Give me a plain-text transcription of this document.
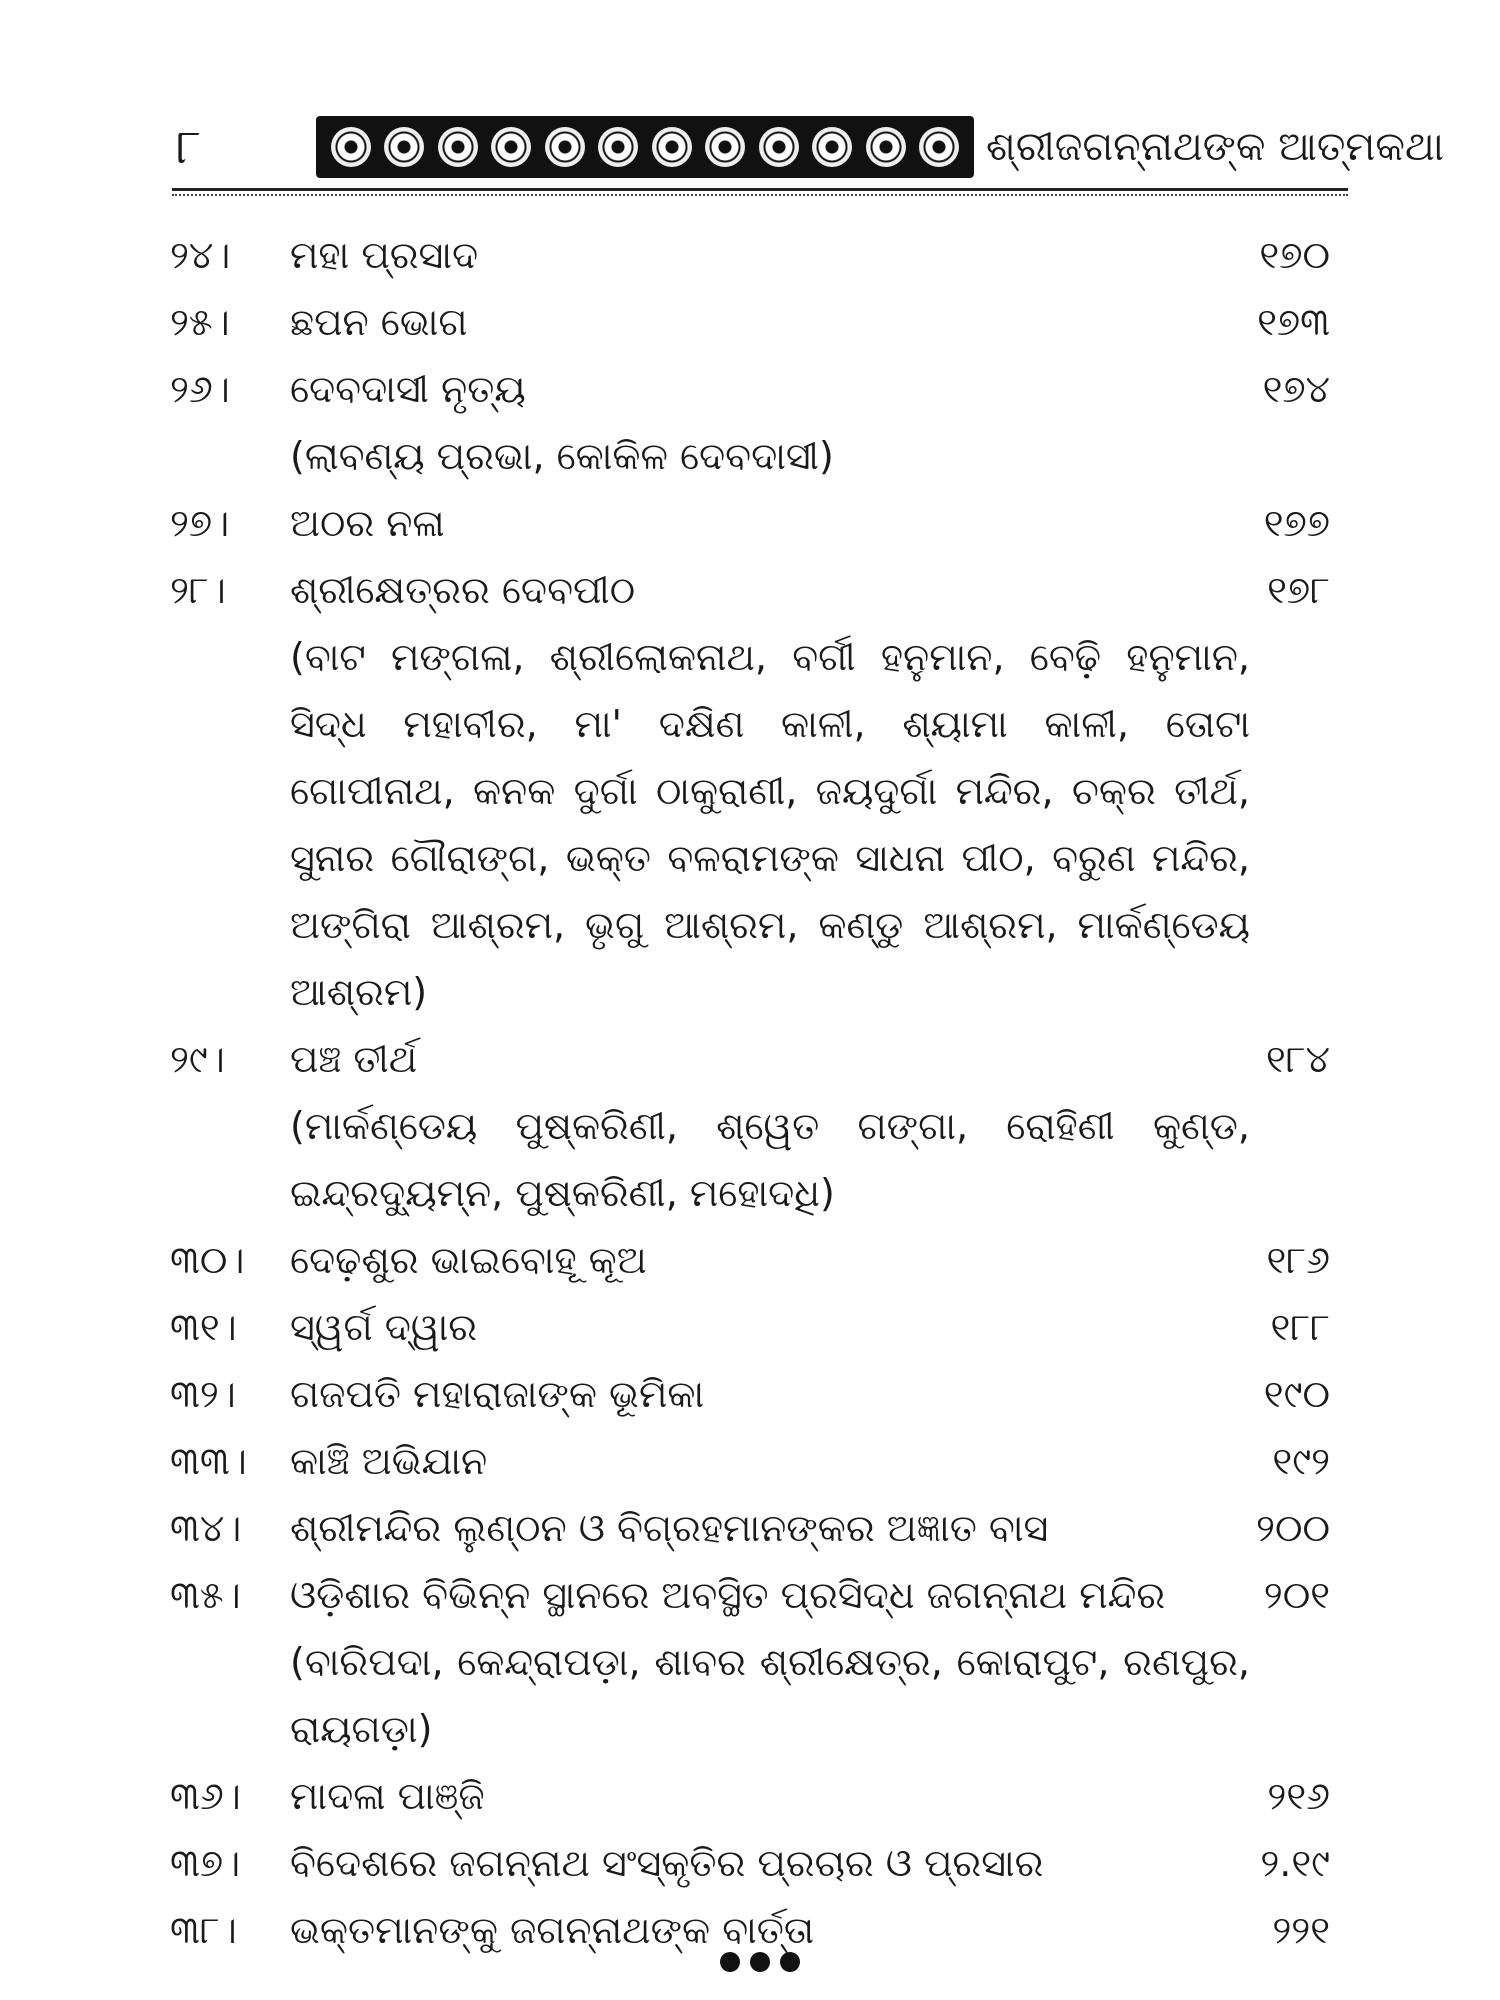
୮	ଶ୍ରୀଜଗନ୍ନାଥଙ୍କ ଆତ୍ମକଥା
୨୪।	ମହା ପ୍ରସାଦ	୧୭୦
୨୫।	ଛପନ ଭୋଗ	୧୭୩
୨୬।	ଦେବଦାସୀ ନୃତ୍ୟ	୧୭୪
(ଲାବଣ୍ୟ ପ୍ରଭା, କୋକିଳ ଦେବଦାସୀ)
୨୭।	ଅଠର ନଳା	୧୭୭
୨୮।	ଶ୍ରୀକ୍ଷେତ୍ରର ଦେବପୀଠ	୧୭୮
(ବାଟ ମଙ୍ଗଳା, ଶ୍ରୀଲୋକନାଥ, ବର୍ଗୀ ହନୁମାନ, ବେଢ଼ି ହନୁମାନ, ସିଦ୍ଧ ମହାବୀର, ମା' ଦକ୍ଷିଣ କାଳୀ, ଶ୍ୟାମା କାଳୀ, ତୋଟା ଗୋପୀନାଥ, କନକ ଦୁର୍ଗା ଠାକୁରାଣୀ, ଜୟଦୁର୍ଗା ମନ୍ଦିର, ଚକ୍ର ତୀର୍ଥ, ସୁନାର ଗୌରାଙ୍ଗ, ଭକ୍ତ ବଳରାମଙ୍କ ସାଧନା ପୀଠ, ବରୁଣ ମନ୍ଦିର, ଅଙ୍ଗିରା ଆଶ୍ରମ, ଭୃଗୁ ଆଶ୍ରମ, କଣ୍ଡୁ ଆଶ୍ରମ, ମାର୍କଣ୍ଡେୟ ଆଶ୍ରମ)
୨୯।	ପଞ୍ଚ ତୀର୍ଥ	୧୮୪
(ମାର୍କଣ୍ଡେୟ ପୁଷ୍କରିଣୀ, ଶ୍ୱେତ ଗଙ୍ଗା, ରୋହିଣୀ କୁଣ୍ଡ, ଇନ୍ଦ୍ରଦ୍ୟୁମ୍ନ, ପୁଷ୍କରିଣୀ, ମହୋଦଧି)
୩୦।	ଦେଢ଼ଶୁର ଭାଇବୋହୂ କୂଅ	୧୮୬
୩୧।	ସ୍ୱର୍ଗ ଦ୍ୱାର	୧୮୮
୩୨।	ଗଜପତି ମହାରାଜାଙ୍କ ଭୂମିକା	୧୯୦
୩୩।	କାଞ୍ଚି ଅଭିଯାନ	୧୯୨
୩୪।	ଶ୍ରୀମନ୍ଦିର ଲୁଣ୍ଠନ ଓ ବିଗ୍ରହମାନଙ୍କର ଅଜ୍ଞାତ ବାସ	୨୦୦
୩୫।	ଓଡ଼ିଶାର ବିଭିନ୍ନ ସ୍ଥାନରେ ଅବସ୍ଥିତ ପ୍ରସିଦ୍ଧ ଜଗନ୍ନାଥ ମନ୍ଦିର	୨୦୧
(ବାରିପଦା, କେନ୍ଦ୍ରାପଡ଼ା, ଶାବର ଶ୍ରୀକ୍ଷେତ୍ର, କୋରାପୁଟ, ରଣପୁର, ରାୟଗଡ଼ା)
୩୬।	ମାଦଳା ପାଞ୍ଜି	୨୧୬
୩୭।	ବିଦେଶରେ ଜଗନ୍ନାଥ ସଂସ୍କୃତିର ପ୍ରଚାର ଓ ପ୍ରସାର	୨.୧୯
୩୮।	ଭକ୍ତମାନଙ୍କୁ ଜଗନ୍ନାଥଙ୍କ ବାର୍ତ୍ତା	୨୨୧
